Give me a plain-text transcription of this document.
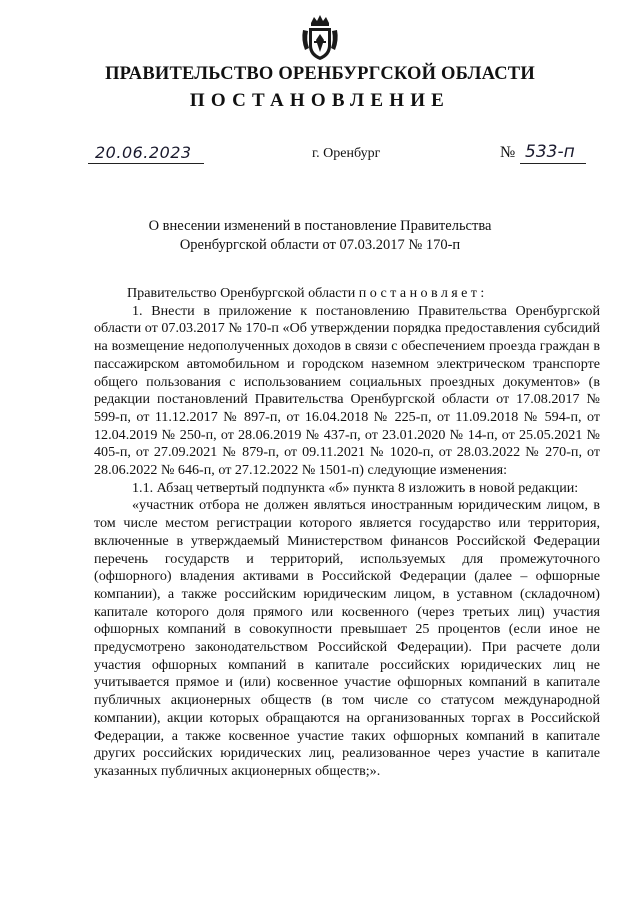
ПРАВИТЕЛЬСТВО ОРЕНБУРГСКОЙ ОБЛАСТИ
ПОСТАНОВЛЕНИЕ
20.06.2023	г. Оренбург	№ 533-п
О внесении изменений в постановление Правительства
Оренбургской области от 07.03.2017 № 170-п

Правительство Оренбургской области постановляет:

1. Внести в приложение к постановлению Правительства Оренбургской области от 07.03.2017 № 170-п «Об утверждении порядка предоставления субсидий на возмещение недополученных доходов в связи с обеспечением проезда граждан в пассажирском автомобильном и городском наземном электрическом транспорте общего пользования с использованием социальных проездных документов» (в редакции постановлений Правительства Оренбургской области от 17.08.2017 № 599-п, от 11.12.2017 № 897-п, от 16.04.2018 № 225-п, от 11.09.2018 № 594-п, от 12.04.2019 № 250-п, от 28.06.2019 № 437-п, от 23.01.2020 № 14-п, от 25.05.2021 № 405-п, от 27.09.2021 № 879-п, от 09.11.2021 № 1020-п, от 28.03.2022 № 270-п, от 28.06.2022 № 646-п, от 27.12.2022 № 1501-п) следующие изменения:

1.1. Абзац четвертый подпункта «б» пункта 8 изложить в новой редакции:

«участник отбора не должен являться иностранным юридическим лицом, в том числе местом регистрации которого является государство или территория, включенные в утверждаемый Министерством финансов Российской Федерации перечень государств и территорий, используемых для промежуточного (офшорного) владения активами в Российской Федерации (далее – офшорные компании), а также российским юридическим лицом, в уставном (складочном) капитале которого доля прямого или косвенного (через третьих лиц) участия офшорных компаний в совокупности превышает 25 процентов (если иное не предусмотрено законодательством Российской Федерации). При расчете доли участия офшорных компаний в капитале российских юридических лиц не учитывается прямое и (или) косвенное участие офшорных компаний в капитале публичных акционерных обществ (в том числе со статусом международной компании), акции которых обращаются на организованных торгах в Российской Федерации, а также косвенное участие таких офшорных компаний в капитале других российских юридических лиц, реализованное через участие в капитале указанных публичных акционерных обществ;».
